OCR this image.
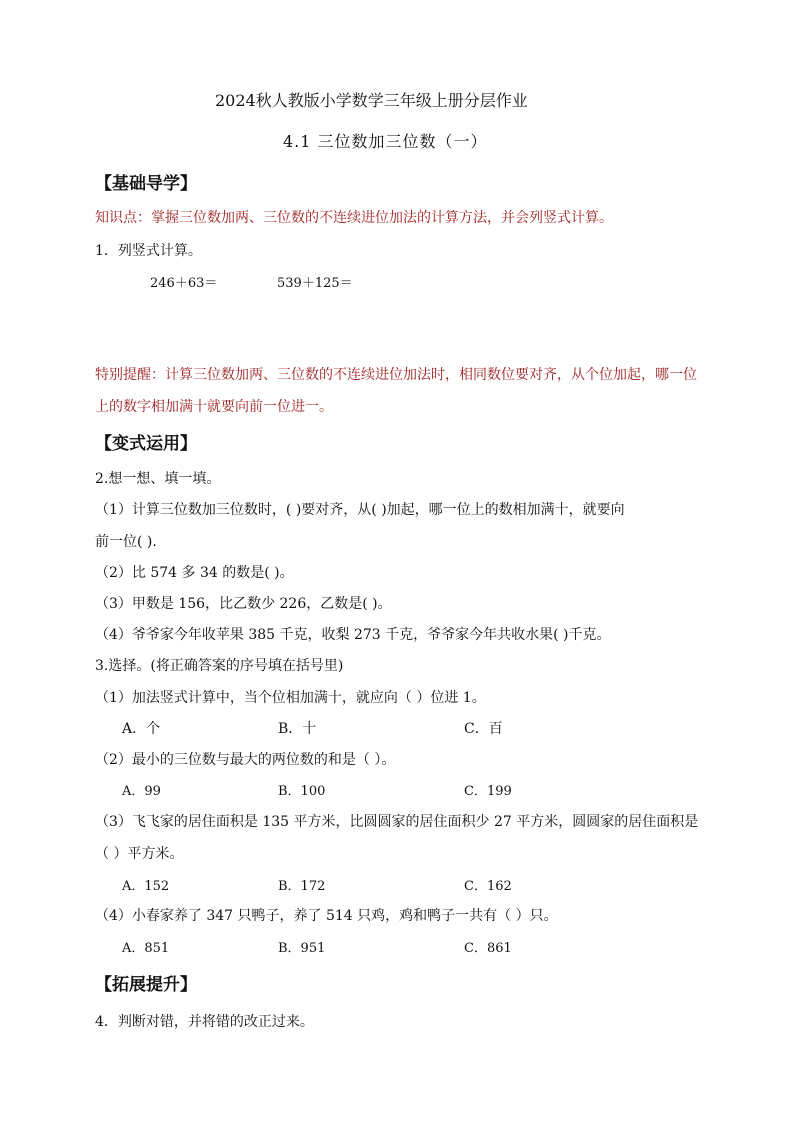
2024秋人教版小学数学三年级上册分层作业
4.1 三位数加三位数（一）
【基础导学】
知识点：掌握三位数加两、三位数的不连续进位加法的计算方法，并会列竖式计算。
1．列竖式计算。
246＋63＝	539＋125＝
特别提醒：计算三位数加两、三位数的不连续进位加法时，相同数位要对齐，从个位加起，哪一位
上的数字相加满十就要向前一位进一。
【变式运用】
2.想一想、填一填。
（1）计算三位数加三位数时，( )要对齐，从( )加起，哪一位上的数相加满十，就要向
前一位( ).
（2）比 574 多 34 的数是( )。
（3）甲数是 156，比乙数少 226，乙数是( )。
（4）爷爷家今年收苹果 385 千克，收梨 273 千克，爷爷家今年共收水果( )千克。
3.选择。(将正确答案的序号填在括号里)
（1）加法竖式计算中，当个位相加满十，就应向（ ）位进 1。
A．个	B．十	C．百
（2）最小的三位数与最大的两位数的和是（ ）。
A．99	B．100	C．199
（3）飞飞家的居住面积是 135 平方米，比圆圆家的居住面积少 27 平方米，圆圆家的居住面积是
（ ）平方米。
A．152	B．172	C．162
（4）小春家养了 347 只鸭子，养了 514 只鸡，鸡和鸭子一共有（ ）只。
A．851	B．951	C．861
【拓展提升】
4．判断对错，并将错的改正过来。
